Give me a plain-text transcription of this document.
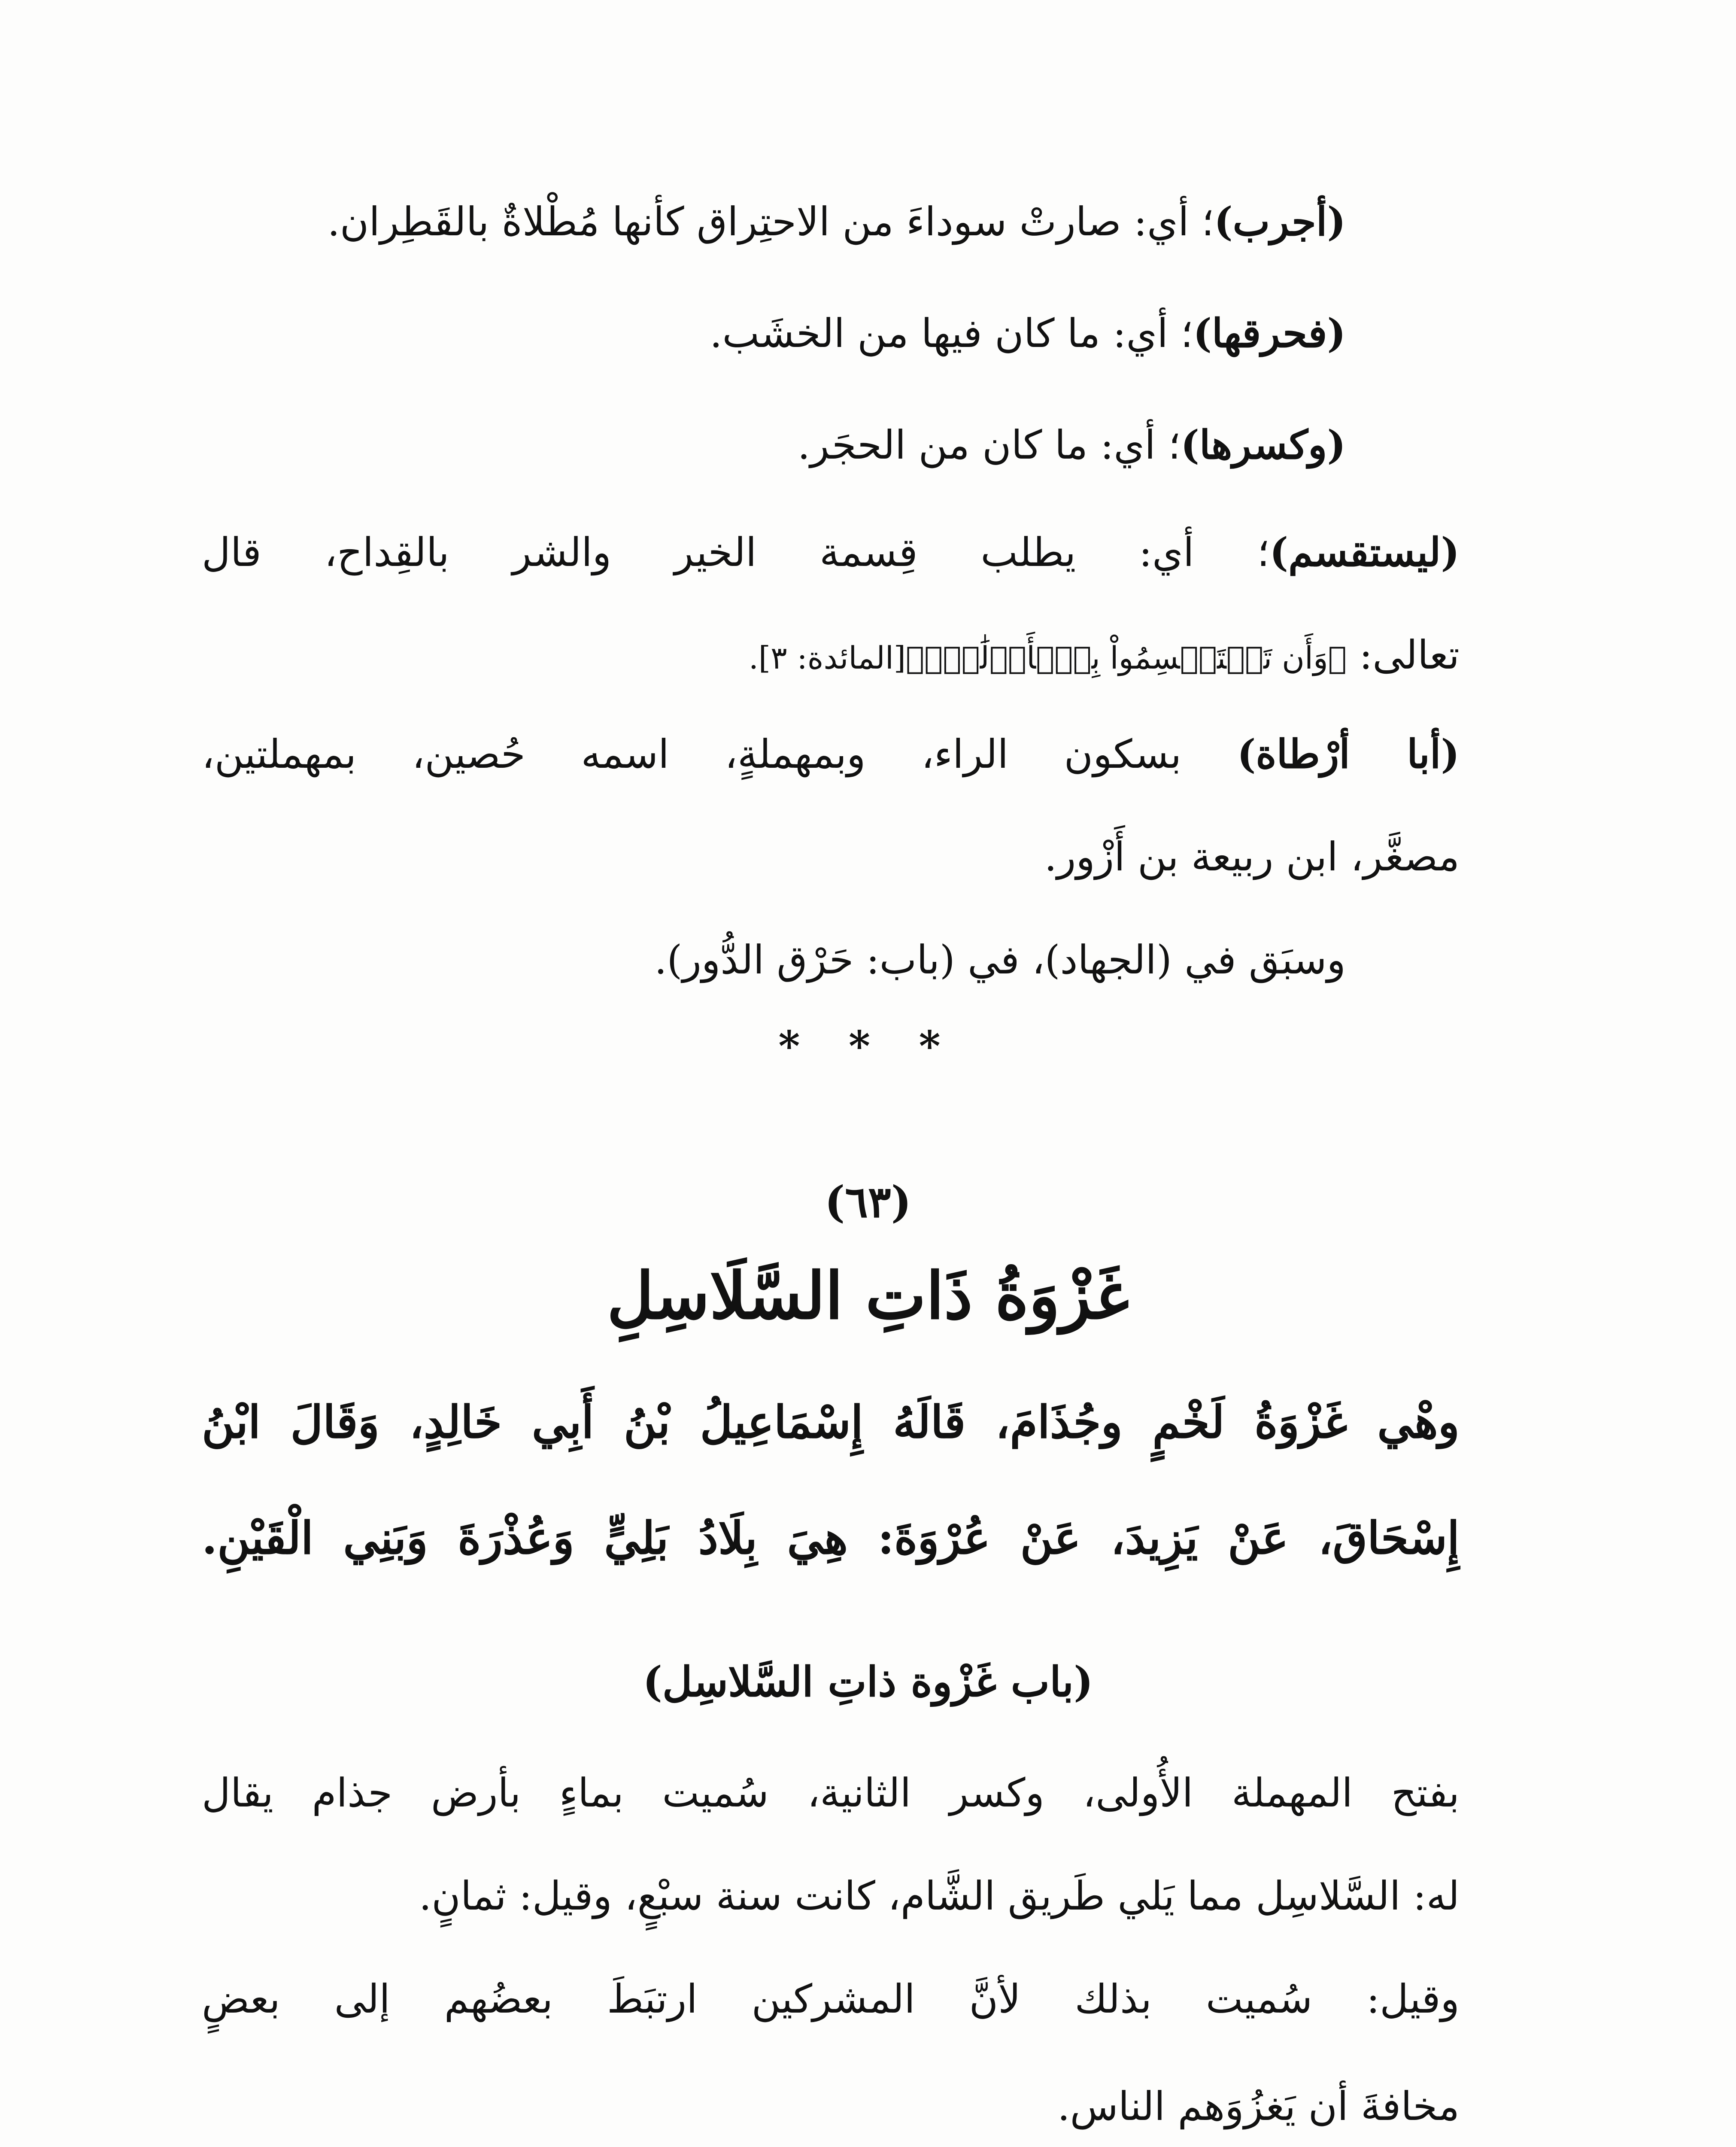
(أجرب)؛ أي: صارتْ سوداءَ من الاحتِراق كأنها مُطْلاةٌ بالقَطِران.
(فحرقها)؛ أي: ما كان فيها من الخشَب.
(وكسرها)؛ أي: ما كان من الحجَر.
(ليستقسم)؛ أي: يطلب قِسمة الخير والشر بالقِداح، قال
تعالى: ﴿وَأَن تَسۡتَقۡسِمُواْ بِٱلۡأَزۡلَٰمِۚ﴾[المائدة: ٣].
(أبا أرْطاة) بسكون الراء، وبمهملةٍ، اسمه حُصين، بمهملتين،
مصغَّر، ابن ربيعة بن أَزْور.
وسبَق في (الجهاد)، في (باب: حَرْق الدُّور).
* * *
(٦٣)
غَزْوَةُ ذَاتِ السَّلَاسِلِ
وهْي غَزْوَةُ لَخْمٍ وجُذَامَ، قَالَهُ إِسْمَاعِيلُ بْنُ أَبِي خَالِدٍ، وَقَالَ ابْنُ
إِسْحَاقَ، عَنْ يَزِيدَ، عَنْ عُرْوَةَ: هِيَ بِلَادُ بَلِيٍّ وَعُذْرَةَ وَبَنِي الْقَيْنِ.
(باب غَزْوة ذاتِ السَّلاسِل)
بفتح المهملة الأُولى، وكسر الثانية، سُميت بماءٍ بأرض جذام يقال
له: السَّلاسِل مما يَلي طَريق الشَّام، كانت سنة سبْعٍ، وقيل: ثمانٍ.
وقيل: سُميت بذلك لأنَّ المشركين ارتبَطَ بعضُهم إلى بعضٍ
مخافةَ أن يَغزُوَهم الناس.
